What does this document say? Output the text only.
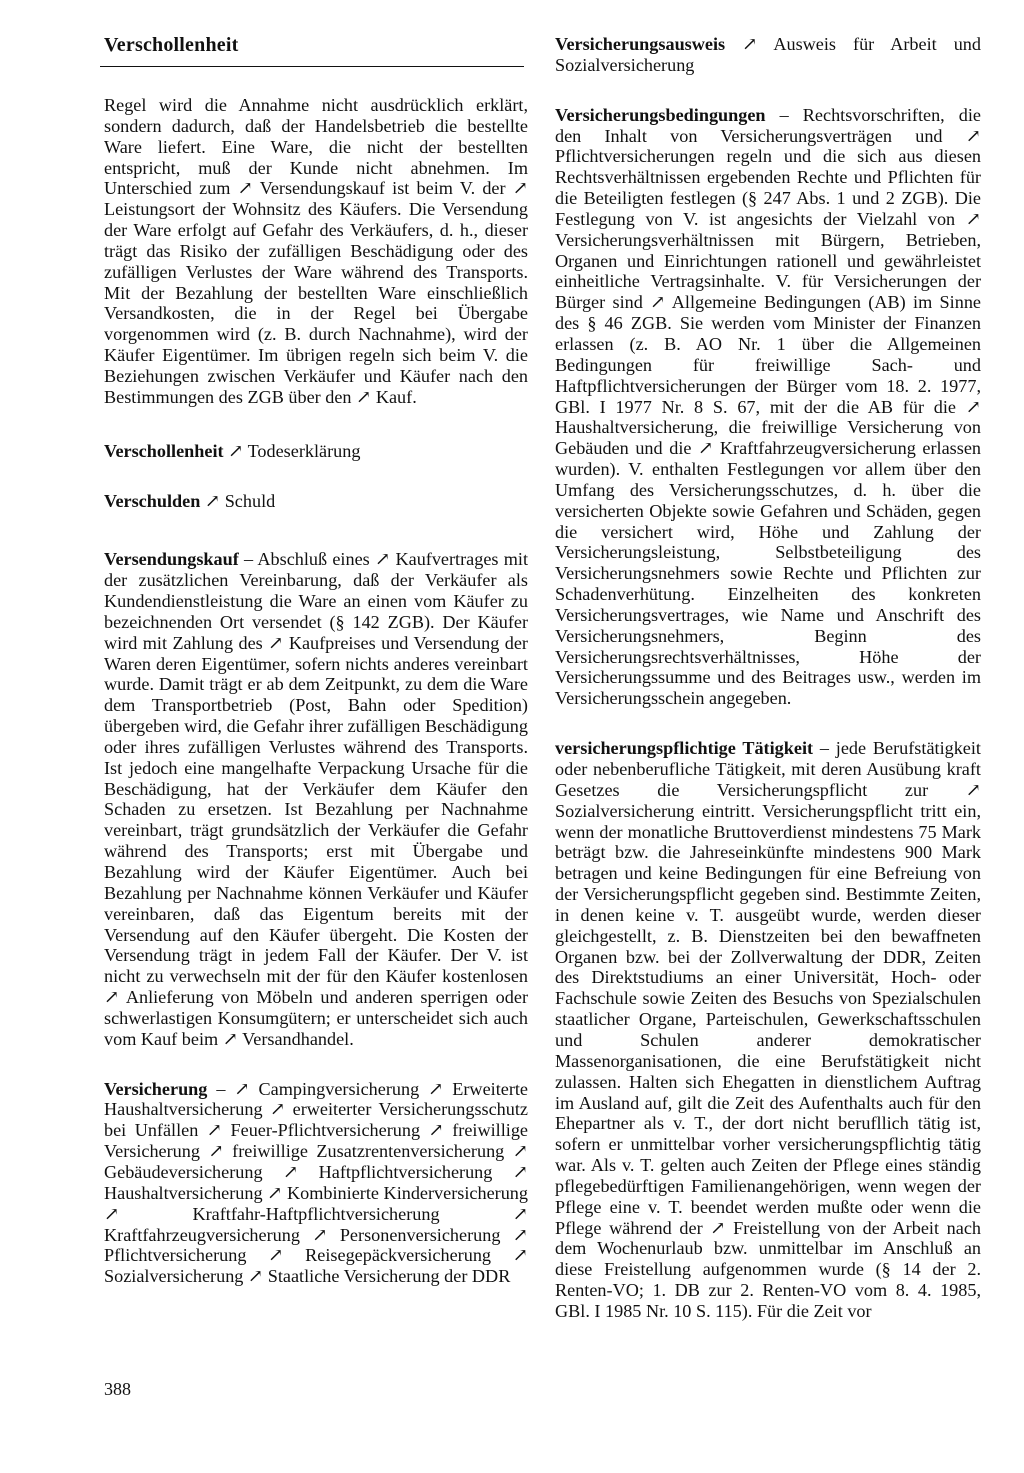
Verschollenheit

Regel wird die Annahme nicht ausdrücklich erklärt, sondern dadurch, daß der Handelsbetrieb die bestellte Ware liefert. Eine Ware, die nicht der bestellten entspricht, muß der Kunde nicht abnehmen. Im Unterschied zum ↗ Versendungskauf ist beim V. der ↗ Leistungsort der Wohnsitz des Käufers. Die Versendung der Ware erfolgt auf Gefahr des Verkäufers, d. h., dieser trägt das Risiko der zufälligen Beschädigung oder des zufälligen Verlustes der Ware während des Transports. Mit der Bezahlung der bestellten Ware einschließlich Versandkosten, die in der Regel bei Übergabe vorgenommen wird (z. B. durch Nachnahme), wird der Käufer Eigentümer. Im übrigen regeln sich beim V. die Beziehungen zwischen Verkäufer und Käufer nach den Bestimmungen des ZGB über den ↗ Kauf.

Verschollenheit ↗ Todeserklärung

Verschulden ↗ Schuld

Versendungskauf – Abschluß eines ↗ Kaufvertrages mit der zusätzlichen Vereinbarung, daß der Verkäufer als Kundendienstleistung die Ware an einen vom Käufer zu bezeichnenden Ort versendet (§ 142 ZGB). Der Käufer wird mit Zahlung des ↗ Kaufpreises und Versendung der Waren deren Eigentümer, sofern nichts anderes vereinbart wurde. Damit trägt er ab dem Zeitpunkt, zu dem die Ware dem Transportbetrieb (Post, Bahn oder Spedition) übergeben wird, die Gefahr ihrer zufälligen Beschädigung oder ihres zufälligen Verlustes während des Transports. Ist jedoch eine mangelhafte Verpackung Ursache für die Beschädigung, hat der Verkäufer dem Käufer den Schaden zu ersetzen. Ist Bezahlung per Nachnahme vereinbart, trägt grundsätzlich der Verkäufer die Gefahr während des Transports; erst mit Übergabe und Bezahlung wird der Käufer Eigentümer. Auch bei Bezahlung per Nachnahme können Verkäufer und Käufer vereinbaren, daß das Eigentum bereits mit der Versendung auf den Käufer übergeht. Die Kosten der Versendung trägt in jedem Fall der Käufer. Der V. ist nicht zu verwechseln mit der für den Käufer kostenlosen ↗ Anlieferung von Möbeln und anderen sperrigen oder schwerlastigen Konsumgütern; er unterscheidet sich auch vom Kauf beim ↗ Versandhandel.

Versicherung – ↗ Campingversicherung ↗ Erweiterte Haushaltversicherung ↗ erweiterter Versicherungsschutz bei Unfällen ↗ Feuer-Pflichtversicherung ↗ freiwillige Versicherung ↗ freiwillige Zusatzrentenversicherung ↗ Gebäudeversicherung ↗ Haftpflichtversicherung ↗ Haushaltversicherung ↗ Kombinierte Kinderversicherung ↗ Kraftfahr-Haftpflichtversicherung ↗ Kraftfahrzeugversicherung ↗ Personenversicherung ↗ Pflichtversicherung ↗ Reisegepäckversicherung ↗ Sozialversicherung ↗ Staatliche Versicherung der DDR

Versicherungsausweis ↗ Ausweis für Arbeit und Sozialversicherung

Versicherungsbedingungen – Rechtsvorschriften, die den Inhalt von Versicherungsverträgen und ↗ Pflichtversicherungen regeln und die sich aus diesen Rechtsverhältnissen ergebenden Rechte und Pflichten für die Beteiligten festlegen (§ 247 Abs. 1 und 2 ZGB). Die Festlegung von V. ist angesichts der Vielzahl von ↗ Versicherungsverhältnissen mit Bürgern, Betrieben, Organen und Einrichtungen rationell und gewährleistet einheitliche Vertragsinhalte. V. für Versicherungen der Bürger sind ↗ Allgemeine Bedingungen (AB) im Sinne des § 46 ZGB. Sie werden vom Minister der Finanzen erlassen (z. B. AO Nr. 1 über die Allgemeinen Bedingungen für freiwillige Sach- und Haftpflichtversicherungen der Bürger vom 18. 2. 1977, GBl. I 1977 Nr. 8 S. 67, mit der die AB für die ↗ Haushaltversicherung, die freiwillige Versicherung von Gebäuden und die ↗ Kraftfahrzeugversicherung erlassen wurden). V. enthalten Festlegungen vor allem über den Umfang des Versicherungsschutzes, d. h. über die versicherten Objekte sowie Gefahren und Schäden, gegen die versichert wird, Höhe und Zahlung der Versicherungsleistung, Selbstbeteiligung des Versicherungsnehmers sowie Rechte und Pflichten zur Schadenverhütung. Einzelheiten des konkreten Versicherungsvertrages, wie Name und Anschrift des Versicherungsnehmers, Beginn des Versicherungsrechtsverhältnisses, Höhe der Versicherungssumme und des Beitrages usw., werden im Versicherungsschein angegeben.

versicherungspflichtige Tätigkeit – jede Berufstätigkeit oder nebenberufliche Tätigkeit, mit deren Ausübung kraft Gesetzes die Versicherungspflicht zur ↗ Sozialversicherung eintritt. Versicherungspflicht tritt ein, wenn der monatliche Bruttoverdienst mindestens 75 Mark beträgt bzw. die Jahreseinkünfte mindestens 900 Mark betragen und keine Bedingungen für eine Befreiung von der Versicherungspflicht gegeben sind. Bestimmte Zeiten, in denen keine v. T. ausgeübt wurde, werden dieser gleichgestellt, z. B. Dienstzeiten bei den bewaffneten Organen bzw. bei der Zollverwaltung der DDR, Zeiten des Direktstudiums an einer Universität, Hoch- oder Fachschule sowie Zeiten des Besuchs von Spezialschulen staatlicher Organe, Parteischulen, Gewerkschaftsschulen und Schulen anderer demokratischer Massenorganisationen, die eine Berufstätigkeit nicht zulassen. Halten sich Ehegatten in dienstlichem Auftrag im Ausland auf, gilt die Zeit des Aufenthalts auch für den Ehepartner als v. T., der dort nicht berufllich tätig ist, sofern er unmittelbar vorher versicherungspflichtig tätig war. Als v. T. gelten auch Zeiten der Pflege eines ständig pflegebedürftigen Familienangehörigen, wenn wegen der Pflege eine v. T. beendet werden mußte oder wenn die Pflege während der ↗ Freistellung von der Arbeit nach dem Wochenurlaub bzw. unmittelbar im Anschluß an diese Freistellung aufgenommen wurde (§ 14 der 2. Renten-VO; 1. DB zur 2. Renten-VO vom 8. 4. 1985, GBl. I 1985 Nr. 10 S. 115). Für die Zeit vor

388
